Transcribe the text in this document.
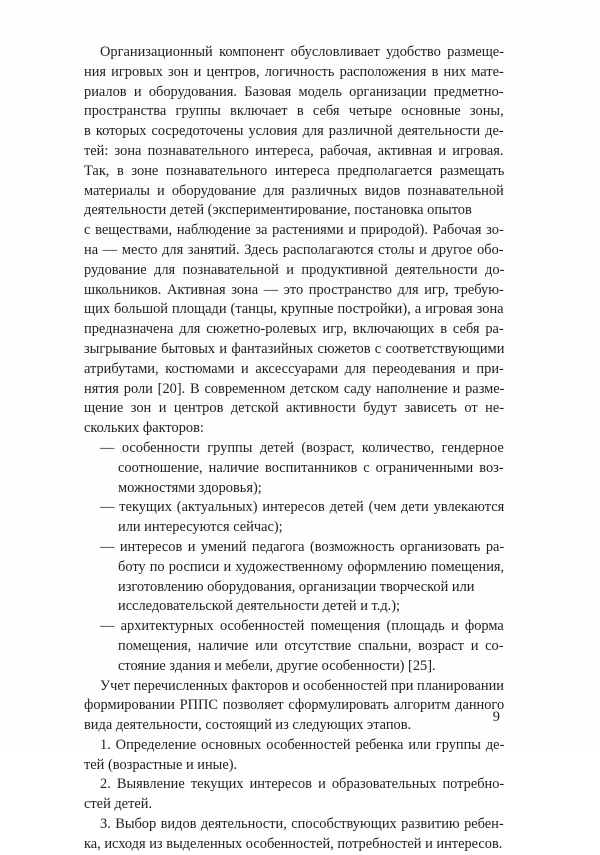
Организационный компонент обусловливает удобство размеще-
ния игровых зон и центров, логичность расположения в них мате-
риалов и оборудования. Базовая модель организации предметно-
пространства группы включает в себя четыре основные зоны,
в которых сосредоточены условия для различной деятельности де-
тей: зона познавательного интереса, рабочая, активная и игровая.
Так, в зоне познавательного интереса предполагается размещать
материалы и оборудование для различных видов познавательной
деятельности детей (экспериментирование, постановка опытов
с веществами, наблюдение за растениями и природой). Рабочая зо-
на — место для занятий. Здесь располагаются столы и другое обо-
рудование для познавательной и продуктивной деятельности до-
школьников. Активная зона — это пространство для игр, требую-
щих большой площади (танцы, крупные постройки), а игровая зона
предназначена для сюжетно-ролевых игр, включающих в себя ра-
зыгрывание бытовых и фантазийных сюжетов с соответствующими
атрибутами, костюмами и аксессуарами для переодевания и при-
нятия роли [20]. В современном детском саду наполнение и разме-
щение зон и центров детской активности будут зависеть от не-
скольких факторов:
— особенности группы детей (возраст, количество, гендерное
соотношение, наличие воспитанников с ограниченными воз-
можностями здоровья);
— текущих (актуальных) интересов детей (чем дети увлекаются
или интересуются сейчас);
— интересов и умений педагога (возможность организовать ра-
боту по росписи и художественному оформлению помещения,
изготовлению оборудования, организации творческой или
исследовательской деятельности детей и т.д.);
— архитектурных особенностей помещения (площадь и форма
помещения, наличие или отсутствие спальни, возраст и со-
стояние здания и мебели, другие особенности) [25].
Учет перечисленных факторов и особенностей при планировании
формировании РППС позволяет сформулировать алгоритм данного
вида деятельности, состоящий из следующих этапов.
1. Определение основных особенностей ребенка или группы де-
тей (возрастные и иные).
2. Выявление текущих интересов и образовательных потребно-
стей детей.
3. Выбор видов деятельности, способствующих развитию ребен-
ка, исходя из выделенных особенностей, потребностей и интересов.
9
